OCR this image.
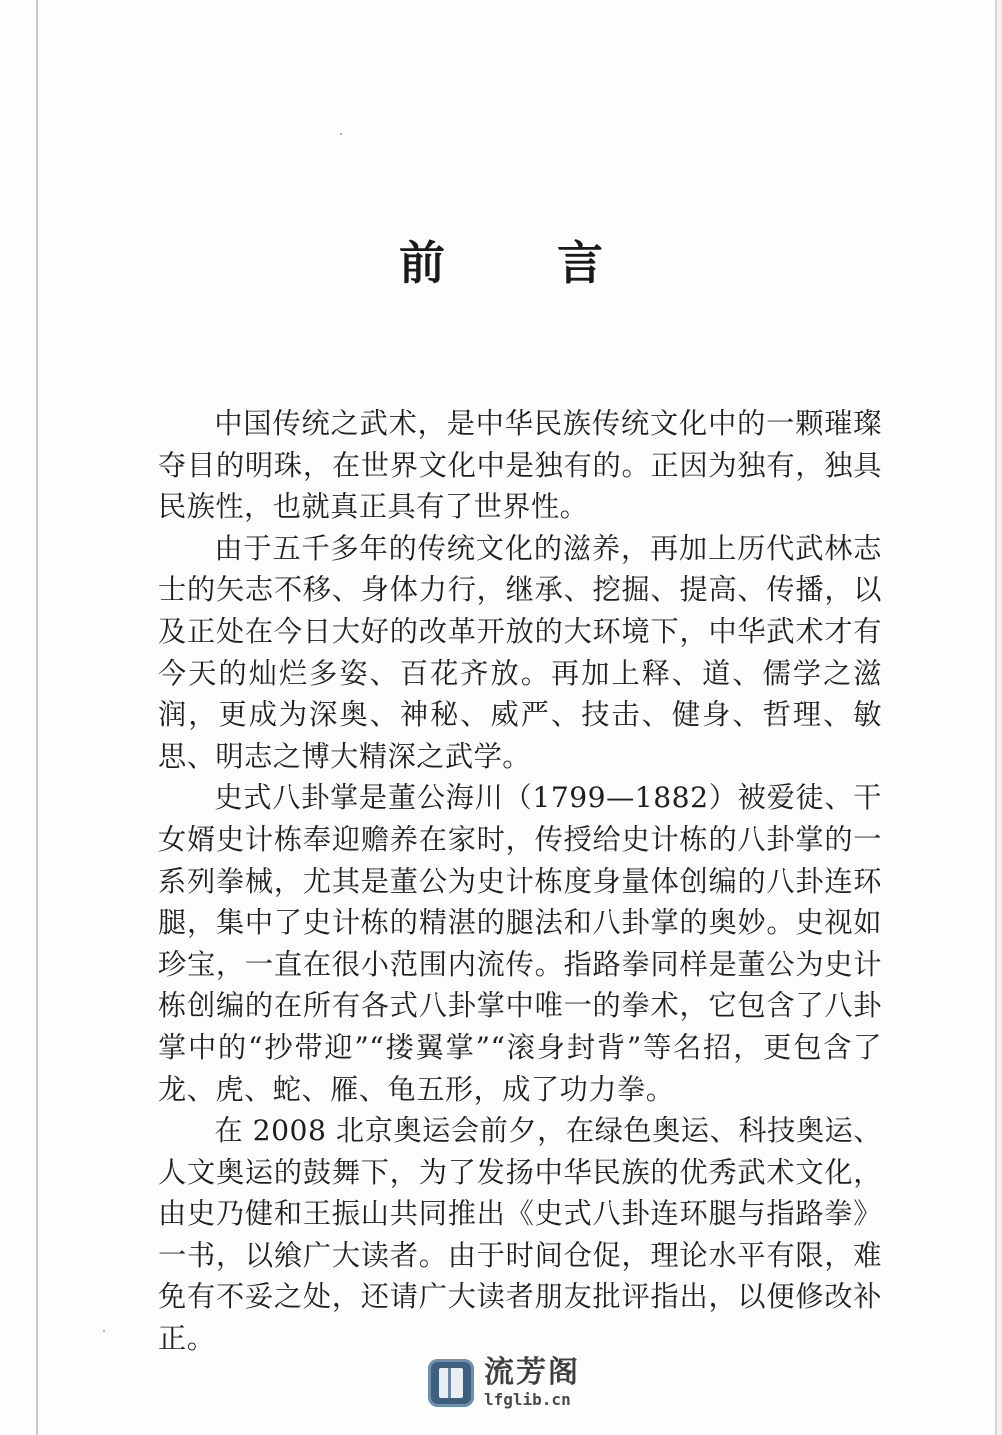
前 言

中国传统之武术，是中华民族传统文化中的一颗璀璨夺目的明珠，在世界文化中是独有的。正因为独有，独具民族性，也就真正具有了世界性。

由于五千多年的传统文化的滋养，再加上历代武林志士的矢志不移、身体力行，继承、挖掘、提高、传播，以及正处在今日大好的改革开放的大环境下，中华武术才有今天的灿烂多姿、百花齐放。再加上释、道、儒学之滋润，更成为深奥、神秘、威严、技击、健身、哲理、敏思、明志之博大精深之武学。

史式八卦掌是董公海川（1799—1882）被爱徒、干女婿史计栋奉迎赡养在家时，传授给史计栋的八卦掌的一系列拳械，尤其是董公为史计栋度身量体创编的八卦连环腿，集中了史计栋的精湛的腿法和八卦掌的奥妙。史视如珍宝，一直在很小范围内流传。指路拳同样是董公为史计栋创编的在所有各式八卦掌中唯一的拳术，它包含了八卦掌中的“抄带迎”“搂翼掌”“滚身封背”等名招，更包含了龙、虎、蛇、雁、龟五形，成了功力拳。

在 2008 北京奥运会前夕，在绿色奥运、科技奥运、人文奥运的鼓舞下，为了发扬中华民族的优秀武术文化，由史乃健和王振山共同推出《史式八卦连环腿与指路拳》一书，以飨广大读者。由于时间仓促，理论水平有限，难免有不妥之处，还请广大读者朋友批评指出，以便修改补正。

流芳阁
lfglib.cn
